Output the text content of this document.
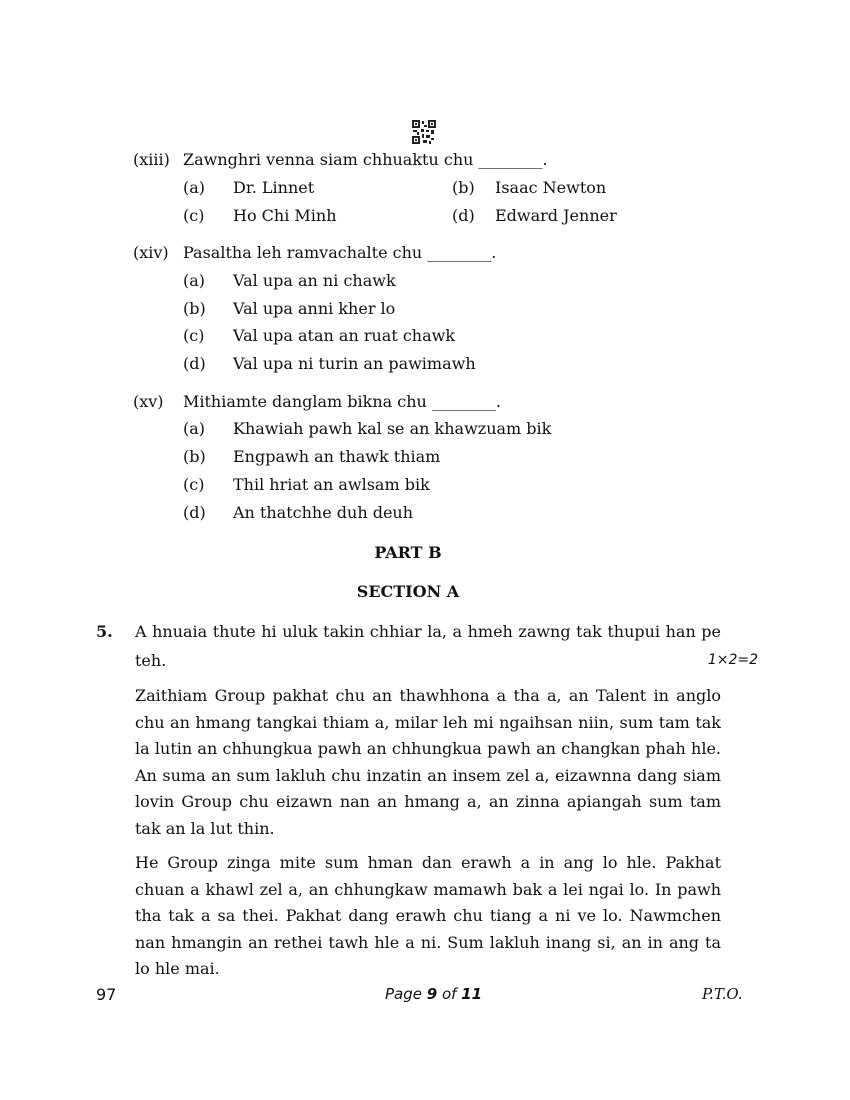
(xiii) Zawnghri venna siam chhuaktu chu ________.
(a) Dr. Linnet	(b) Isaac Newton
(c) Ho Chi Minh	(d) Edward Jenner
(xiv) Pasaltha leh ramvachalte chu ________.
(a) Val upa an ni chawk
(b) Val upa anni kher lo
(c) Val upa atan an ruat chawk
(d) Val upa ni turin an pawimawh
(xv) Mithiamte danglam bikna chu ________.
(a) Khawiah pawh kal se an khawzuam bik
(b) Engpawh an thawk thiam
(c) Thil hriat an awlsam bik
(d) An thatchhe duh deuh
PART B
SECTION A
5. A hnuaia thute hi uluk takin chhiar la, a hmeh zawng tak thupui han pe
teh.	1×2=2
Zaithiam Group pakhat chu an thawhhona a tha a, an Talent in anglo chu an hmang tangkai thiam a, milar leh mi ngaihsan niin, sum tam tak la lutin an chhungkua pawh an chhungkua pawh an changkan phah hle. An suma an sum lakluh chu inzatin an insem zel a, eizawnna dang siam lovin Group chu eizawn nan an hmang a, an zinna apiangah sum tam tak an la lut thin.
He Group zinga mite sum hman dan erawh a in ang lo hle. Pakhat chuan a khawl zel a, an chhungkaw mamawh bak a lei ngai lo. In pawh tha tak a sa thei. Pakhat dang erawh chu tiang a ni ve lo. Nawmchen nan hmangin an rethei tawh hle a ni. Sum lakluh inang si, an in ang ta lo hle mai.
97	Page 9 of 11	P.T.O.
